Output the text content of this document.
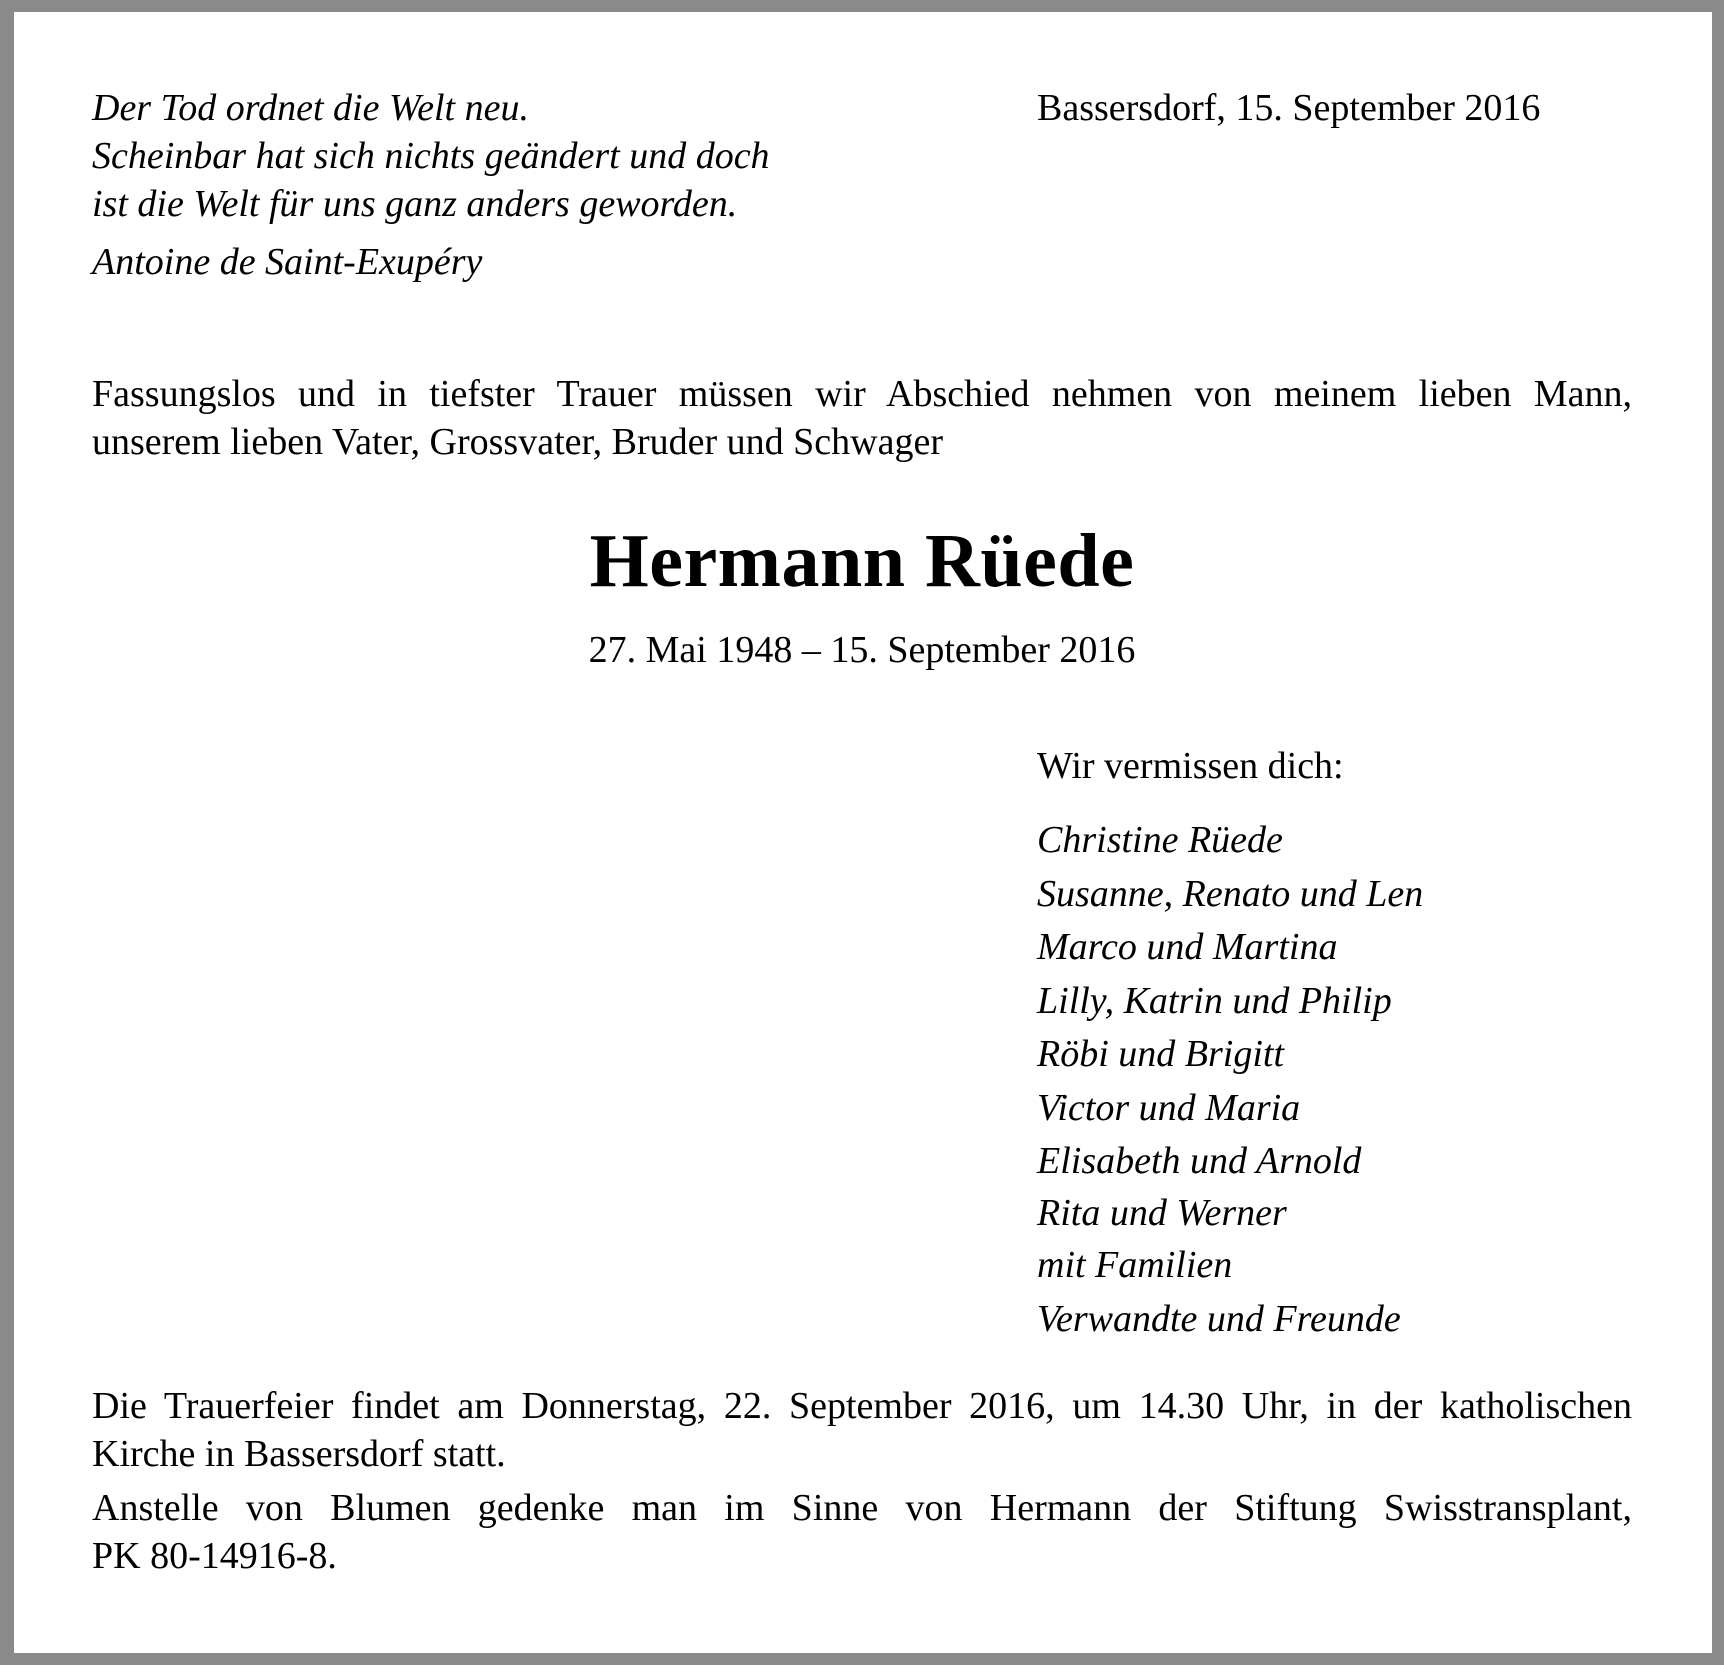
Der Tod ordnet die Welt neu.
Scheinbar hat sich nichts geändert und doch
ist die Welt für uns ganz anders geworden.

Antoine de Saint-Exupéry

Bassersdorf, 15. September 2016

Fassungslos und in tiefster Trauer müssen wir Abschied nehmen von meinem lieben Mann,
unserem lieben Vater, Grossvater, Bruder und Schwager
Hermann Rüede

27. Mai 1948 – 15. September 2016

Wir vermissen dich:

Christine Rüede
Susanne, Renato und Len
Marco und Martina
Lilly, Katrin und Philip
Röbi und Brigitt
Victor und Maria
Elisabeth und Arnold
Rita und Werner
mit Familien
Verwandte und Freunde
Die Trauerfeier findet am Donnerstag, 22. September 2016, um 14.30 Uhr, in der katholischen
Kirche in Bassersdorf statt.
Anstelle von Blumen gedenke man im Sinne von Hermann der Stiftung Swisstransplant,
PK 80-14916-8.
